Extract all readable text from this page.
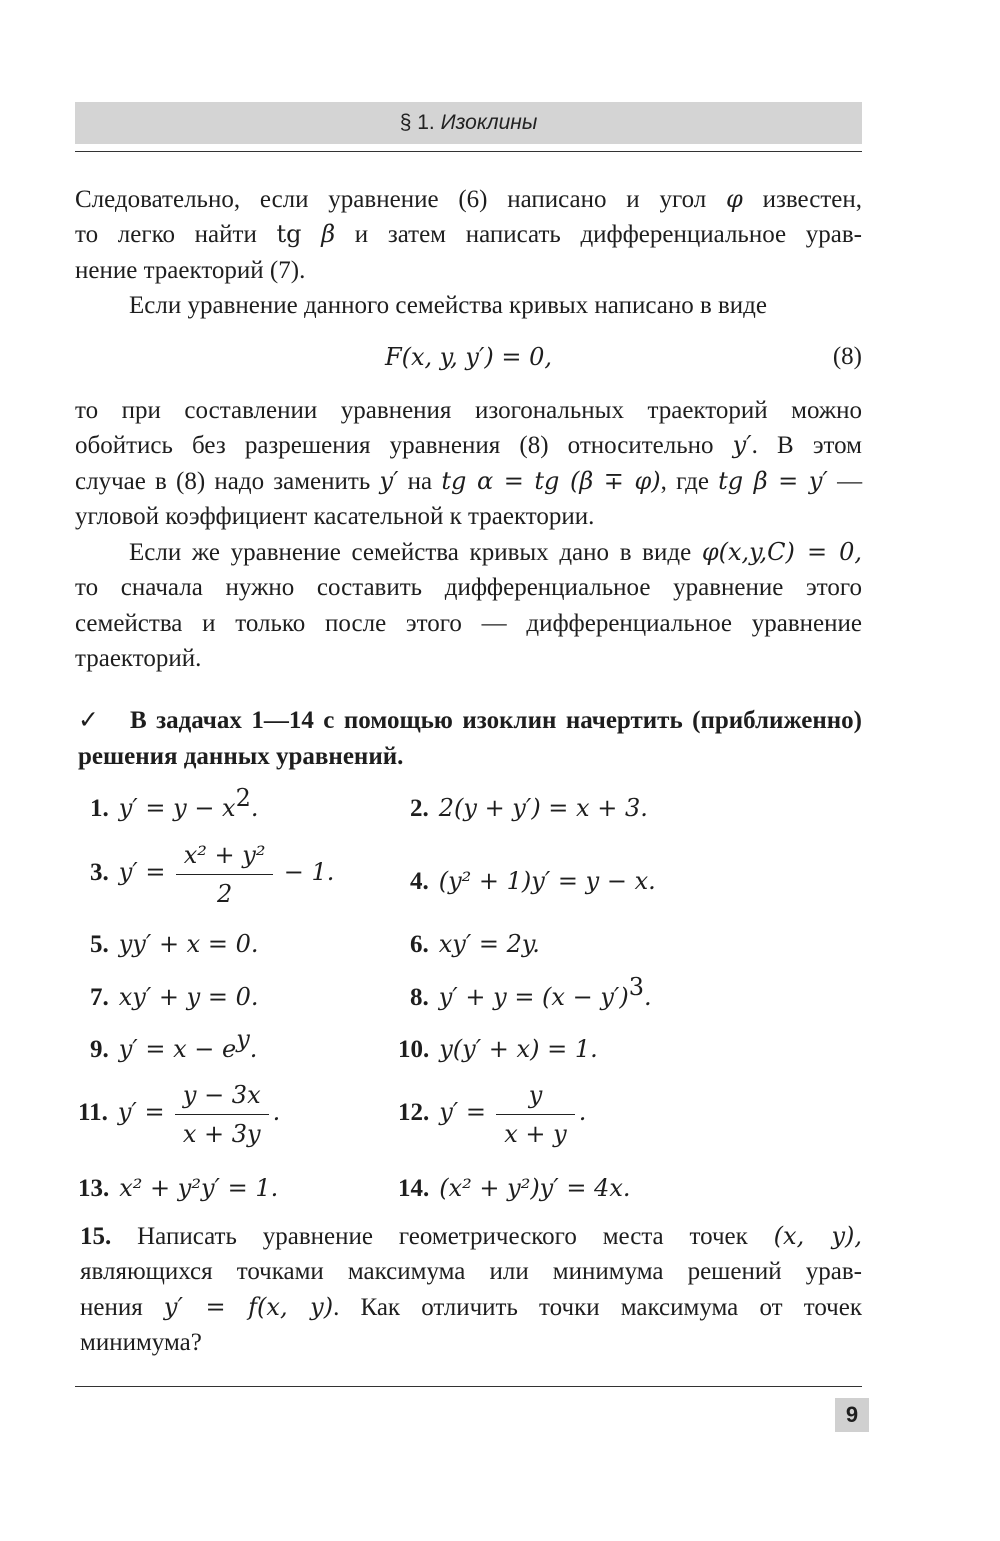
§ 1. Изоклины
Следовательно, если уравнение (6) написано и угол φ известен,
то легко найти tg β и затем написать дифференциальное урав-
нение траекторий (7).
Если уравнение данного семейства кривых написано в виде
F(x, y, y′) = 0,	(8)
то при составлении уравнения изогональных траекторий можно
обойтись без разрешения уравнения (8) относительно y′. В этом
случае в (8) надо заменить y′ на tg α = tg (β ∓ φ), где tg β = y′ —
угловой коэффициент касательной к траектории.
Если же уравнение семейства кривых дано в виде φ(x,y,C) = 0,
то сначала нужно составить дифференциальное уравнение этого
семейства и только после этого — дифференциальное уравнение
траекторий.
✓ В задачах 1—14 с помощью изоклин начертить (приближенно)
решения данных уравнений.
1. $y' = y - x^2$.	2. 2(y + y′) = x + 3.
3. $y' = \frac{\text{x² + y²}}{2} - 1$.	4. (y² + 1)y′ = y − x.
5. yy′ + x = 0.	6. xy′ = 2y.
7. xy′ + y = 0.	8. $y' + y = (x - y')^3$.
9. $y' = x - e^y$.	10. y(y′ + x) = 1.
11. $y' = \frac{y - 3x}{x + 3y}$ .	12. $y' = \frac{y}{x + y}$ .
13. x² + y²y′ = 1.	14. (x² + y²)y′ = 4x.
15. Написать уравнение геометрического места точек (x, y),
являющихся точками максимума или минимума решений урав-
нения y′ = f(x, y). Как отличить точки максимума от точек
минимума?
9
